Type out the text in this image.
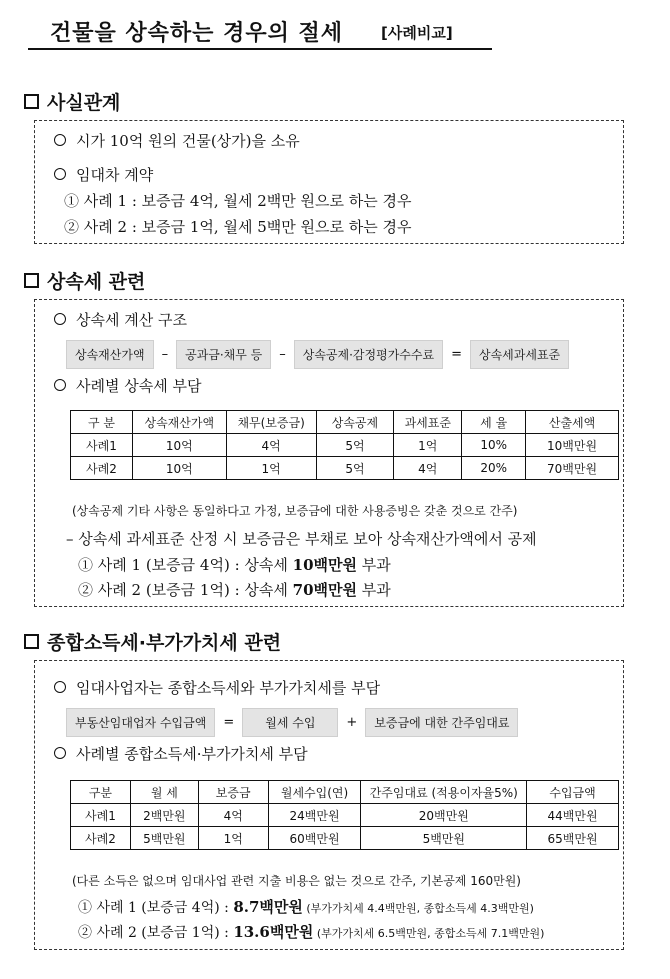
건물을 상속하는 경우의 절세	[사례비교]
사실관계
시가 10억 원의 건물(상가)을 소유
임대차 계약
① 사례 1 : 보증금 4억, 월세 2백만 원으로 하는 경우
② 사례 2 : 보증금 1억, 월세 5백만 원으로 하는 경우
상속세 관련
상속세 계산 구조
상속재산가액	–	공과금·채무 등	–	상속공제·감정평가수수료	=	상속세과세표준
사례별 상속세 부담
구 분	상속재산가액	채무(보증금)	상속공제	과세표준	세 율	산출세액
사례1	10억	4억	5억	1억	10%	10백만원
사례2	10억	1억	5억	4억	20%	70백만원
(상속공제 기타 사항은 동일하다고 가정, 보증금에 대한 사용증빙은 갖춘 것으로 간주)
– 상속세 과세표준 산정 시 보증금은 부채로 보아 상속재산가액에서 공제
① 사례 1 (보증금 4억) : 상속세 10백만원 부과
② 사례 2 (보증금 1억) : 상속세 70백만원 부과
종합소득세·부가가치세 관련
임대사업자는 종합소득세와 부가가치세를 부담
부동산임대업자 수입금액	=	월세 수입	+	보증금에 대한 간주임대료
사례별 종합소득세·부가가치세 부담
구분	월 세	보증금	월세수입(연)	간주임대료 (적용이자율5%)	수입금액
사례1	2백만원	4억	24백만원	20백만원	44백만원
사례2	5백만원	1억	60백만원	5백만원	65백만원
(다른 소득은 없으며 임대사업 관련 지출 비용은 없는 것으로 간주, 기본공제 160만원)
① 사례 1 (보증금 4억) : 8.7백만원 (부가가치세 4.4백만원, 종합소득세 4.3백만원)
② 사례 2 (보증금 1억) : 13.6백만원 (부가가치세 6.5백만원, 종합소득세 7.1백만원)
